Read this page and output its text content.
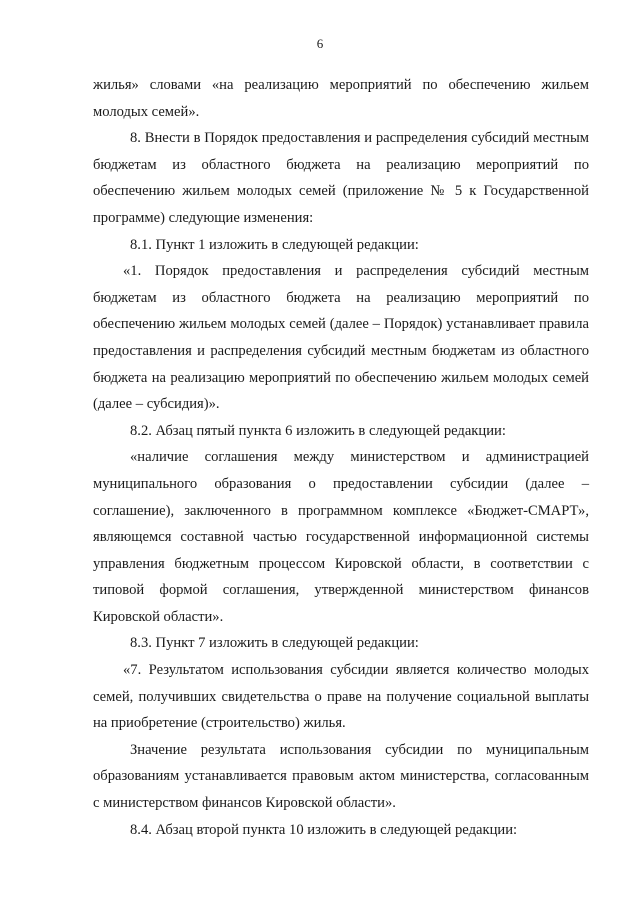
6

жилья» словами «на реализацию мероприятий по обеспечению жильем молодых семей».

8. Внести в Порядок предоставления и распределения субсидий местным бюджетам из областного бюджета на реализацию мероприятий по обеспечению жильем молодых семей (приложение № 5 к Государственной программе) следующие изменения:

8.1. Пункт 1 изложить в следующей редакции:

«1. Порядок предоставления и распределения субсидий местным бюджетам из областного бюджета на реализацию мероприятий по обеспечению жильем молодых семей (далее – Порядок) устанавливает правила предоставления и распределения субсидий местным бюджетам из областного бюджета на реализацию мероприятий по обеспечению жильем молодых семей (далее – субсидия)».

8.2. Абзац пятый пункта 6 изложить в следующей редакции:

«наличие соглашения между министерством и администрацией муниципального образования о предоставлении субсидии (далее – соглашение), заключенного в программном комплексе «Бюджет-СМАРТ», являющемся составной частью государственной информационной системы управления бюджетным процессом Кировской области, в соответствии с типовой формой соглашения, утвержденной министерством финансов Кировской области».

8.3. Пункт 7 изложить в следующей редакции:

«7. Результатом использования субсидии является количество молодых семей, получивших свидетельства о праве на получение социальной выплаты на приобретение (строительство) жилья.

Значение результата использования субсидии по муниципальным образованиям устанавливается правовым актом министерства, согласованным с министерством финансов Кировской области».

8.4. Абзац второй пункта 10 изложить в следующей редакции:
